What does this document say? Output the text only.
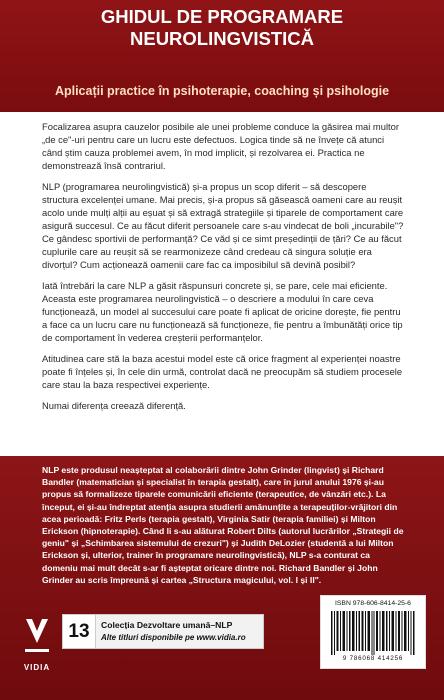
GHIDUL DE PROGRAMARE
NEUROLINGVISTICĂ
Aplicații practice în psihoterapie, coaching și psihologie

Focalizarea asupra cauzelor posibile ale unei probleme conduce la găsirea mai multor „de ce"-uri pentru care un lucru este defectuos. Logica tinde să ne învețe că atunci când știm cauza problemei avem, în mod implicit, și rezolvarea ei. Practica ne demonstrează însă contrariul.

NLP (programarea neurolingvistică) și-a propus un scop diferit – să descopere structura excelenței umane. Mai precis, și-a propus să găsească oameni care au reușit acolo unde mulți alții au eșuat și să extragă strategiile și tiparele de comportament care asigură succesul. Ce au făcut diferit persoanele care s-au vindecat de boli „incurabile"? Ce gândesc sportivii de performanță? Ce văd și ce simt președinții de țări? Ce au făcut cuplurile care au reușit să se rearmonizeze când credeau că singura soluție era divorțul? Cum acționează oamenii care fac ca imposibilul să devină posibil?

Iată întrebări la care NLP a găsit răspunsuri concrete și, se pare, cele mai eficiente. Aceasta este programarea neurolingvistică – o descriere a modului în care ceva funcționează, un model al succesului care poate fi aplicat de oricine dorește, fie pentru a face ca un lucru care nu funcționează să funcționeze, fie pentru a îmbunătăți orice tip de comportament în vederea creșterii performanțelor.

Atitudinea care stă la baza acestui model este că orice fragment al experienței noastre poate fi înțeles și, în cele din urmă, controlat dacă ne preocupăm să studiem procesele care stau la baza respectivei experiențe.

Numai diferența creează diferență.

NLP este produsul neașteptat al colaborării dintre John Grinder (lingvist) și Richard Bandler (matematician și specialist în terapia gestalt), care în jurul anului 1976 și-au propus să formalizeze tiparele comunicării eficiente (terapeutice, de vânzări etc.). La început, ei și-au îndreptat atenția asupra studierii amănunțite a terapeuților-vrăjitori din acea perioadă: Fritz Perls (terapia gestalt), Virginia Satir (terapia familiei) și Milton Erickson (hipnoterapie). Când li s-au alăturat Robert Dilts (autorul lucrărilor „Strategii de geniu" și „Schimbarea sistemului de crezuri") și Judith DeLozier (studentă a lui Milton Erickson și, ulterior, trainer în programare neurolingvistică), NLP s-a conturat ca domeniu mai mult decât s-ar fi așteptat oricare dintre noi. Richard Bandler și John Grinder au scris împreună și cartea „Structura magicului, vol. I și II".
VIDIA
13	Colecția Dezvoltare umană–NLP
Alte titluri disponibile pe www.vidia.ro
ISBN 978-606-8414-25-6
9 786068 414256
